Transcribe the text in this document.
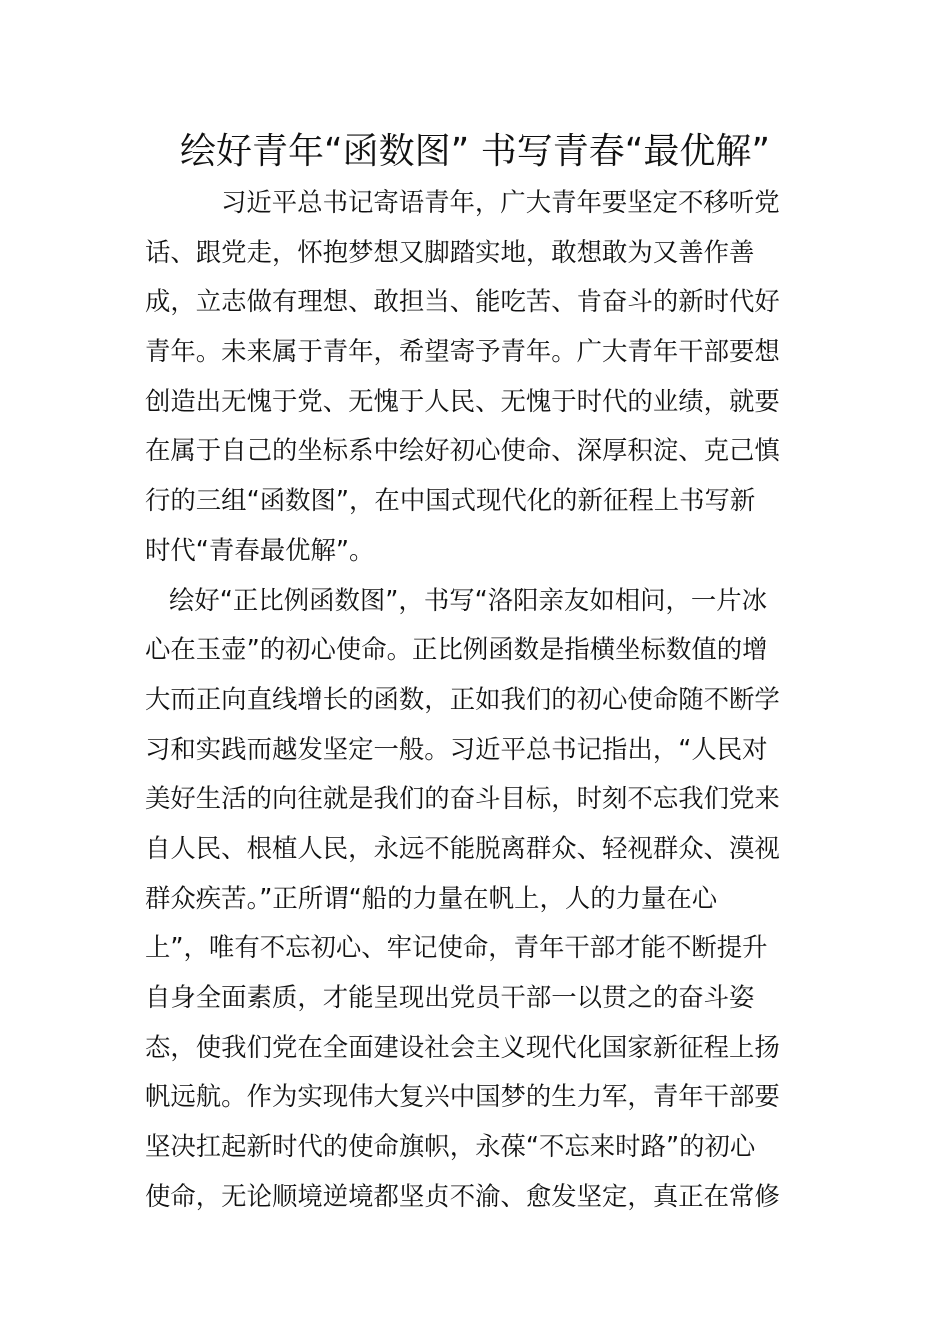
绘好青年“函数图” 书写青春“最优解”

习近平总书记寄语青年，广大青年要坚定不移听党
话、跟党走，怀抱梦想又脚踏实地，敢想敢为又善作善
成，立志做有理想、敢担当、能吃苦、肯奋斗的新时代好
青年。未来属于青年，希望寄予青年。广大青年干部要想
创造出无愧于党、无愧于人民、无愧于时代的业绩，就要
在属于自己的坐标系中绘好初心使命、深厚积淀、克己慎
行的三组“函数图”，在中国式现代化的新征程上书写新
时代“青春最优解”。

绘好“正比例函数图”，书写“洛阳亲友如相问，一片冰
心在玉壶”的初心使命。正比例函数是指横坐标数值的增
大而正向直线增长的函数，正如我们的初心使命随不断学
习和实践而越发坚定一般。习近平总书记指出，“人民对
美好生活的向往就是我们的奋斗目标，时刻不忘我们党来
自人民、根植人民，永远不能脱离群众、轻视群众、漠视
群众疾苦。”正所谓“船的力量在帆上，人的力量在心
上”，唯有不忘初心、牢记使命，青年干部才能不断提升
自身全面素质，才能呈现出党员干部一以贯之的奋斗姿
态，使我们党在全面建设社会主义现代化国家新征程上扬
帆远航。作为实现伟大复兴中国梦的生力军，青年干部要
坚决扛起新时代的使命旗帜，永葆“不忘来时路”的初心
使命，无论顺境逆境都坚贞不渝、愈发坚定，真正在常修
